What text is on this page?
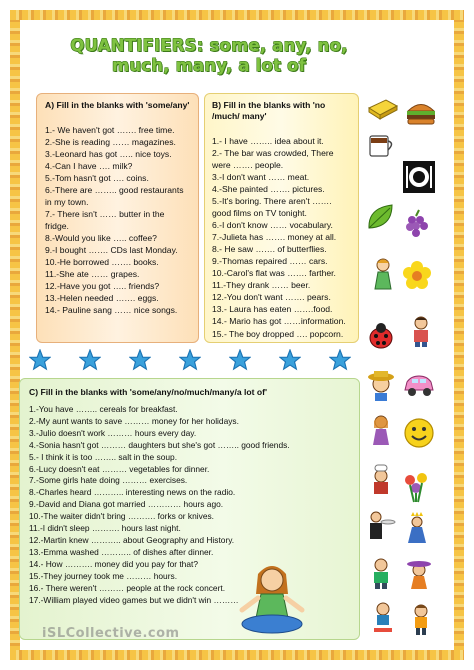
QUANTIFIERS: some, any, no, much, many, a lot of
A) Fill in the blanks with 'some/any'
1.- We haven't got ……. free time.
2.-She is reading …… magazines.
3.-Leonard has got ….. nice toys.
4.-Can I have …. milk?
5.-Tom hasn't got …. coins.
6.-There are …….. good restaurants in my town.
7.- There isn't …… butter in the fridge.
8.-Would you like ….. coffee?
9.-I bought ……. CDs last Monday.
10.-He borrowed ……. books.
11.-She ate …… grapes.
12.-Have you got ….. friends?
13.-Helen needed ……. eggs.
14.- Pauline sang …… nice songs.
B) Fill in the blanks with 'no /much/ many'
1.- I have …….. idea about it.
2.- The bar was crowded, There were ……. people.
3.-I don't want …… meat.
4.-She painted ……. pictures.
5.-It's boring. There aren't ……. good films on TV tonight.
6.-I don't know …… vocabulary.
7.-Julieta has ……. money at all.
8.- He saw ……. of butterflies.
9.-Thomas repaired …… cars.
10.-Carol's flat was ……. farther.
11.-They drank …… beer.
12.-You don't want ……. pears.
13.- Laura has eaten …….food.
14.- Mario has got ……information.
15.- The boy dropped …. popcorn.
C) Fill in the blanks with 'some/any/no/much/many/a lot of'
1.-You have …….. cereals for breakfast.
2.-My aunt wants to save ……… money for her holidays.
3.-Julio doesn't work ……… hours every day.
4.-Sonia hasn't got ……… daughters but she's got …….. good friends.
5.- I think it is too …….. salt in the soup.
6.-Lucy doesn't eat ……… vegetables for dinner.
7.-Some girls hate doing ……… exercises.
8.-Charles heard ……….. interesting news on the radio.
9.-David and Diana got married ………… hours ago.
10.-The waiter didn't bring ………. forks or knives.
11.-I didn't sleep ………. hours last night.
12.-Martin knew ……….. about Geography and History.
13.-Emma washed ……….. of dishes after dinner.
14.- How ………. money did you pay for that?
15.-They journey took me ……… hours.
16.- There weren't ……… people at the rock concert.
17.-William played video games but we didn't win ………
iSLCollective.com
